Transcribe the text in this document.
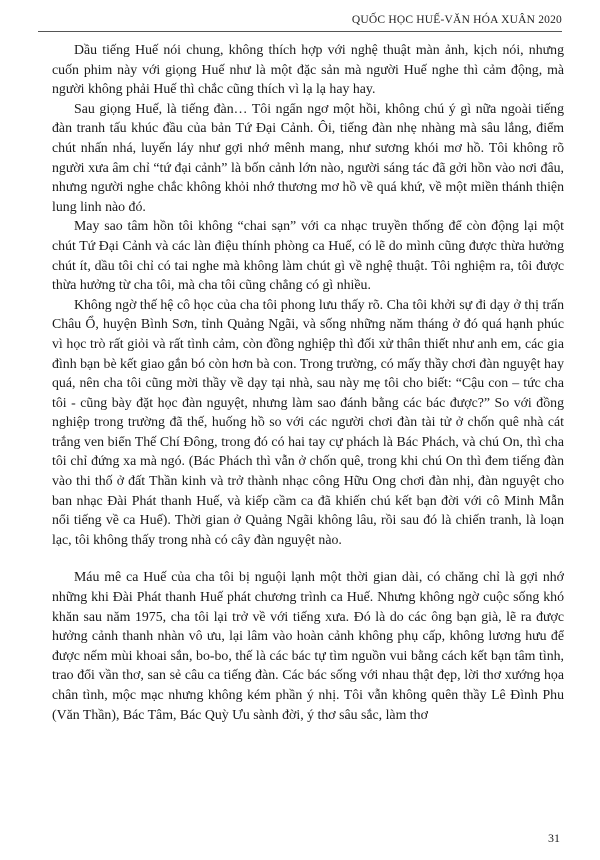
QUỐC HỌC HUẾ-VĂN HÓA XUÂN 2020

Dầu tiếng Huế nói chung, không thích hợp với nghệ thuật màn ảnh, kịch nói, nhưng cuốn phim này với giọng Huế như là một đặc sản mà người Huế nghe thì cảm động, mà người không phải Huế thì chắc cũng thích vì lạ lạ hay hay.

Sau giọng Huế, là tiếng đàn… Tôi ngẩn ngơ một hồi, không chú ý gì nữa ngoài tiếng đàn tranh tấu khúc đầu của bản Tứ Đại Cảnh. Ôi, tiếng đàn nhẹ nhàng mà sâu lắng, điểm chút nhấn nhá, luyến láy như gợi nhớ mênh mang, như sương khói mơ hồ. Tôi không rõ người xưa âm chỉ “tứ đại cảnh” là bốn cảnh lớn nào, người sáng tác đã gởi hồn vào nơi đâu, nhưng người nghe chắc không khỏi nhớ thương mơ hồ về quá khứ, về một miền thánh thiện lung linh nào đó.

May sao tâm hồn tôi không “chai sạn” với ca nhạc truyền thống để còn động lại một chút Tứ Đại Cảnh và các làn điệu thính phòng ca Huế, có lẽ do mình cũng được thừa hưởng chút ít, dầu tôi chỉ có tai nghe mà không làm chút gì về nghệ thuật. Tôi nghiệm ra, tôi được thừa hưởng từ cha tôi, mà cha tôi cũng chẳng có gì nhiều.

Không ngờ thế hệ cô học của cha tôi phong lưu thấy rõ. Cha tôi khởi sự đi dạy ở thị trấn Châu Ổ, huyện Bình Sơn, tỉnh Quảng Ngãi, và sống những năm tháng ở đó quá hạnh phúc vì học trò rất giỏi và rất tình cảm, còn đồng nghiệp thì đối xử thân thiết như anh em, các gia đình bạn bè kết giao gắn bó còn hơn bà con. Trong trường, có mấy thầy chơi đàn nguyệt hay quá, nên cha tôi cũng mời thầy về dạy tại nhà, sau này mẹ tôi cho biết: “Cậu con – tức cha tôi - cũng bày đặt học đàn nguyệt, nhưng làm sao đánh bằng các bác được?” So với đồng nghiệp trong trường đã thế, huống hồ so với các người chơi đàn tài tử ở chốn quê nhà cát trắng ven biển Thế Chí Đông, trong đó có hai tay cự phách là Bác Phách, và chú On, thì cha tôi chỉ đứng xa mà ngó. (Bác Phách thì vẫn ở chốn quê, trong khi chú On thì đem tiếng đàn vào thi thố ở đất Thần kinh và trở thành nhạc công Hữu Ong chơi đàn nhị, đàn nguyệt cho ban nhạc Đài Phát thanh Huế, và kiếp cầm ca đã khiến chú kết bạn đời với cô Minh Mẫn nổi tiếng về ca Huế). Thời gian ở Quảng Ngãi không lâu, rồi sau đó là chiến tranh, là loạn lạc, tôi không thấy trong nhà có cây đàn nguyệt nào.

Máu mê ca Huế của cha tôi bị nguội lạnh một thời gian dài, có chăng chỉ là gợi nhớ những khi Đài Phát thanh Huế phát chương trình ca Huế. Nhưng không ngờ cuộc sống khó khăn sau năm 1975, cha tôi lại trở về với tiếng xưa. Đó là do các ông bạn già, lẽ ra được hưởng cảnh thanh nhàn vô ưu, lại lâm vào hoàn cảnh không phụ cấp, không lương hưu để được nếm mùi khoai sắn, bo-bo, thế là các bác tự tìm nguồn vui bằng cách kết bạn tâm tình, trao đổi vần thơ, san sẻ câu ca tiếng đàn. Các bác sống với nhau thật đẹp, lời thơ xướng họa chân tình, mộc mạc nhưng không kém phần ý nhị. Tôi vẫn không quên thầy Lê Đình Phu (Văn Thần), Bác Tâm, Bác Quỳ Ưu sành đời, ý thơ sâu sắc, làm thơ

31
